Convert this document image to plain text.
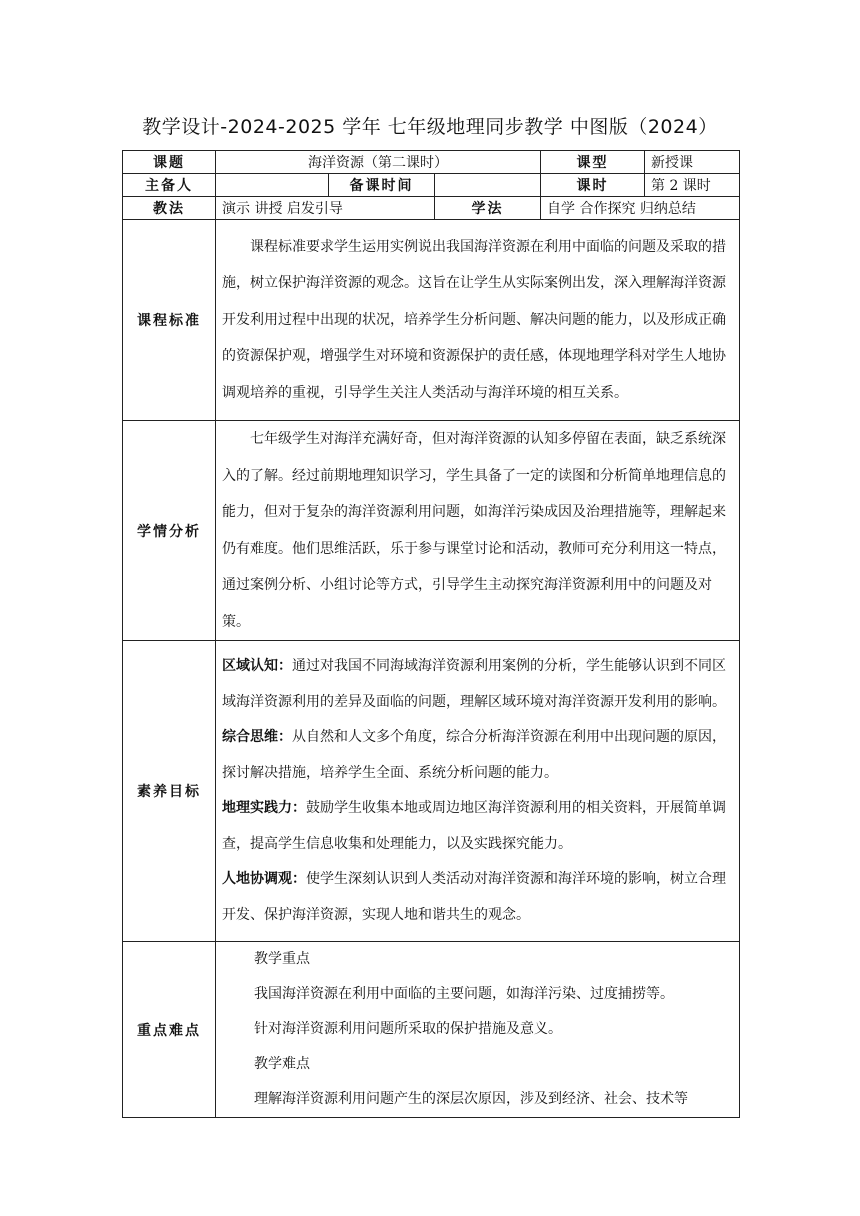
教学设计-2024-2025 学年 七年级地理同步教学 中图版（2024）
课题	海洋资源（第二课时）			课型	新授课
主备人		备课时间		课时	第 2 课时
教法	演示 讲授 启发引导		学法	自学 合作探究 归纳总结	
课程标准	课程标准要求学生运用实例说出我国海洋资源在利用中面临的问题及采取的措施，树立保护海洋资源的观念。这旨在让学生从实际案例出发，深入理解海洋资源开发利用过程中出现的状况，培养学生分析问题、解决问题的能力，以及形成正确的资源保护观，增强学生对环境和资源保护的责任感，体现地理学科对学生人地协调观培养的重视，引导学生关注人类活动与海洋环境的相互关系。				

学情分析	七年级学生对海洋充满好奇，但对海洋资源的认知多停留在表面，缺乏系统深入的了解。经过前期地理知识学习，学生具备了一定的读图和分析简单地理信息的能力，但对于复杂的海洋资源利用问题，如海洋污染成因及治理措施等，理解起来仍有难度。他们思维活跃，乐于参与课堂讨论和活动，教师可充分利用这一特点，通过案例分析、小组讨论等方式，引导学生主动探究海洋资源利用中的问题及对策。				

素养目标	区域认知：通过对我国不同海域海洋资源利用案例的分析，学生能够认识到不同区域海洋资源利用的差异及面临的问题，理解区域环境对海洋资源开发利用的影响。

综合思维：从自然和人文多个角度，综合分析海洋资源在利用中出现问题的原因，探讨解决措施，培养学生全面、系统分析问题的能力。

地理实践力：鼓励学生收集本地或周边地区海洋资源利用的相关资料，开展简单调查，提高学生信息收集和处理能力，以及实践探究能力。

人地协调观：使学生深刻认识到人类活动对海洋资源和海洋环境的影响，树立合理开发、保护海洋资源，实现人地和谐共生的观念。				

重点难点	教学重点

我国海洋资源在利用中面临的主要问题，如海洋污染、过度捕捞等。

针对海洋资源利用问题所采取的保护措施及意义。

教学难点

理解海洋资源利用问题产生的深层次原因，涉及到经济、社会、技术等				
